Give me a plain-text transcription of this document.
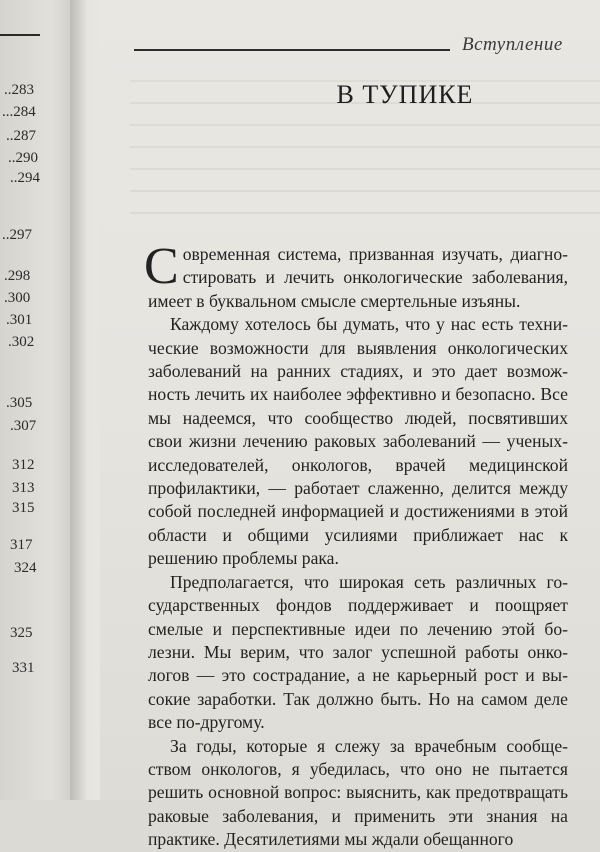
..283
...284
..287
..290
..294
..297
.298
.300
.301
.302
.305
.307
312
313
315
317
324
325
331
Вступление
В ТУПИКЕ

Современная система, призванная изучать, диагностировать и лечить онкологические заболевания, имеет в буквальном смысле смертельные изъяны.

Каждому хотелось бы думать, что у нас есть технические возможности для выявления онкологических заболеваний на ранних стадиях, и это дает возможность лечить их наиболее эффективно и безопасно. Все мы надеемся, что сообщество людей, посвятивших свои жизни лечению раковых заболеваний — ученых-исследователей, онкологов, врачей медицинской профилактики, — работает слаженно, делится между собой последней информацией и достижениями в этой области и общими усилиями приближает нас к решению проблемы рака.

Предполагается, что широкая сеть различных государственных фондов поддерживает и поощряет смелые и перспективные идеи по лечению этой болезни. Мы верим, что залог успешной работы онкологов — это сострадание, а не карьерный рост и высокие заработки. Так должно быть. Но на самом деле все по-другому.

За годы, которые я слежу за врачебным сообществом онкологов, я убедилась, что оно не пытается решить основной вопрос: выяснить, как предотвращать раковые заболевания, и применить эти знания на практике. Десятилетиями мы ждали обещанного
